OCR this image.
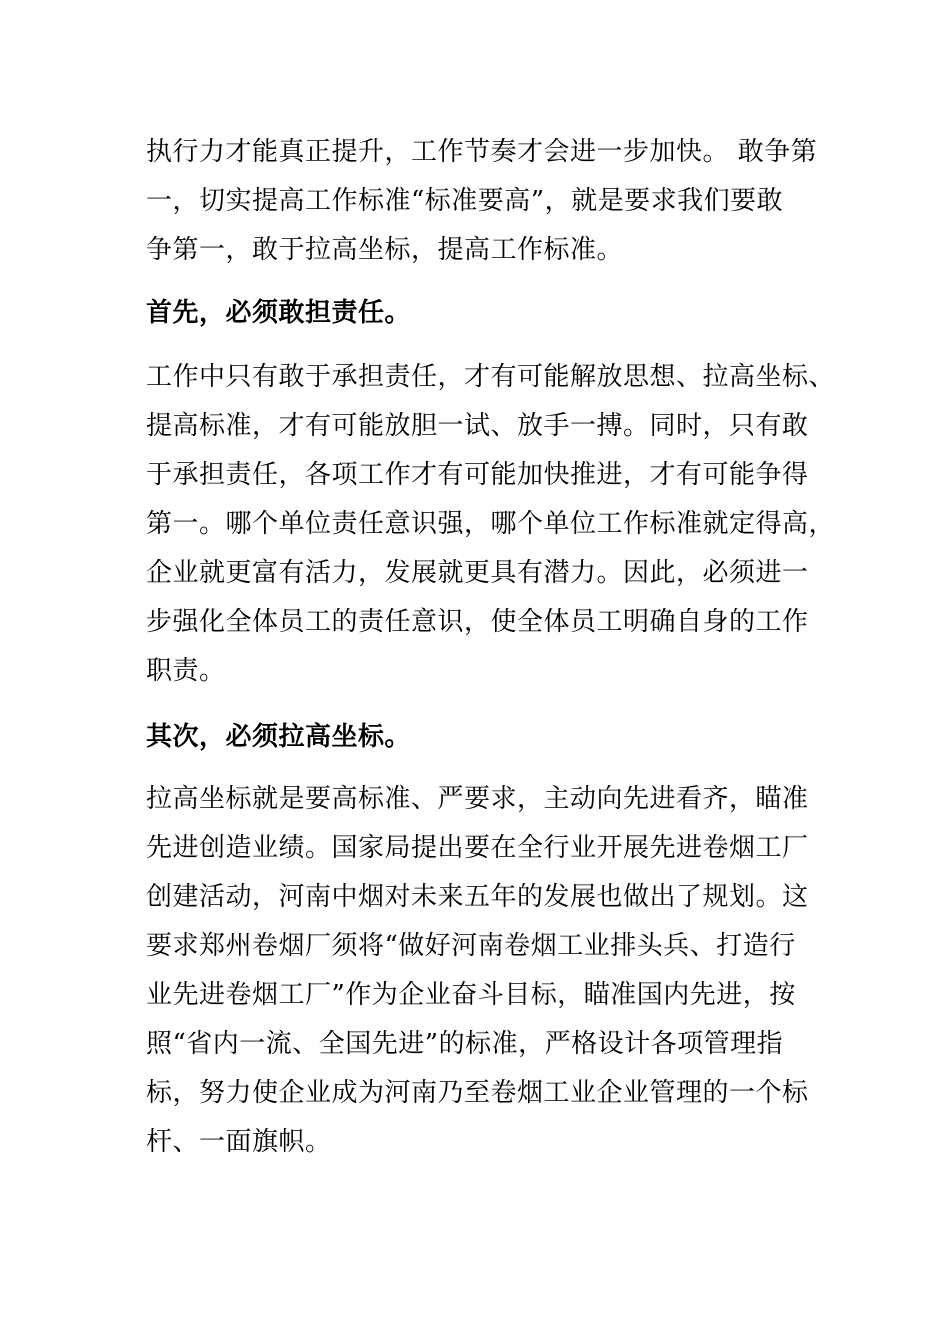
执行力才能真正提升，工作节奏才会进一步加快。 敢争第
一，切实提高工作标准“标准要高”，就是要求我们要敢
争第一，敢于拉高坐标，提高工作标准。
首先，必须敢担责任。
工作中只有敢于承担责任，才有可能解放思想、拉高坐标、
提高标准，才有可能放胆一试、放手一搏。同时，只有敢
于承担责任，各项工作才有可能加快推进，才有可能争得
第一。哪个单位责任意识强，哪个单位工作标准就定得高，
企业就更富有活力，发展就更具有潜力。因此，必须进一
步强化全体员工的责任意识，使全体员工明确自身的工作
职责。
其次，必须拉高坐标。
拉高坐标就是要高标准、严要求，主动向先进看齐，瞄准
先进创造业绩。国家局提出要在全行业开展先进卷烟工厂
创建活动，河南中烟对未来五年的发展也做出了规划。这
要求郑州卷烟厂须将“做好河南卷烟工业排头兵、打造行
业先进卷烟工厂”作为企业奋斗目标，瞄准国内先进，按
照“省内一流、全国先进”的标准，严格设计各项管理指
标，努力使企业成为河南乃至卷烟工业企业管理的一个标
杆、一面旗帜。
